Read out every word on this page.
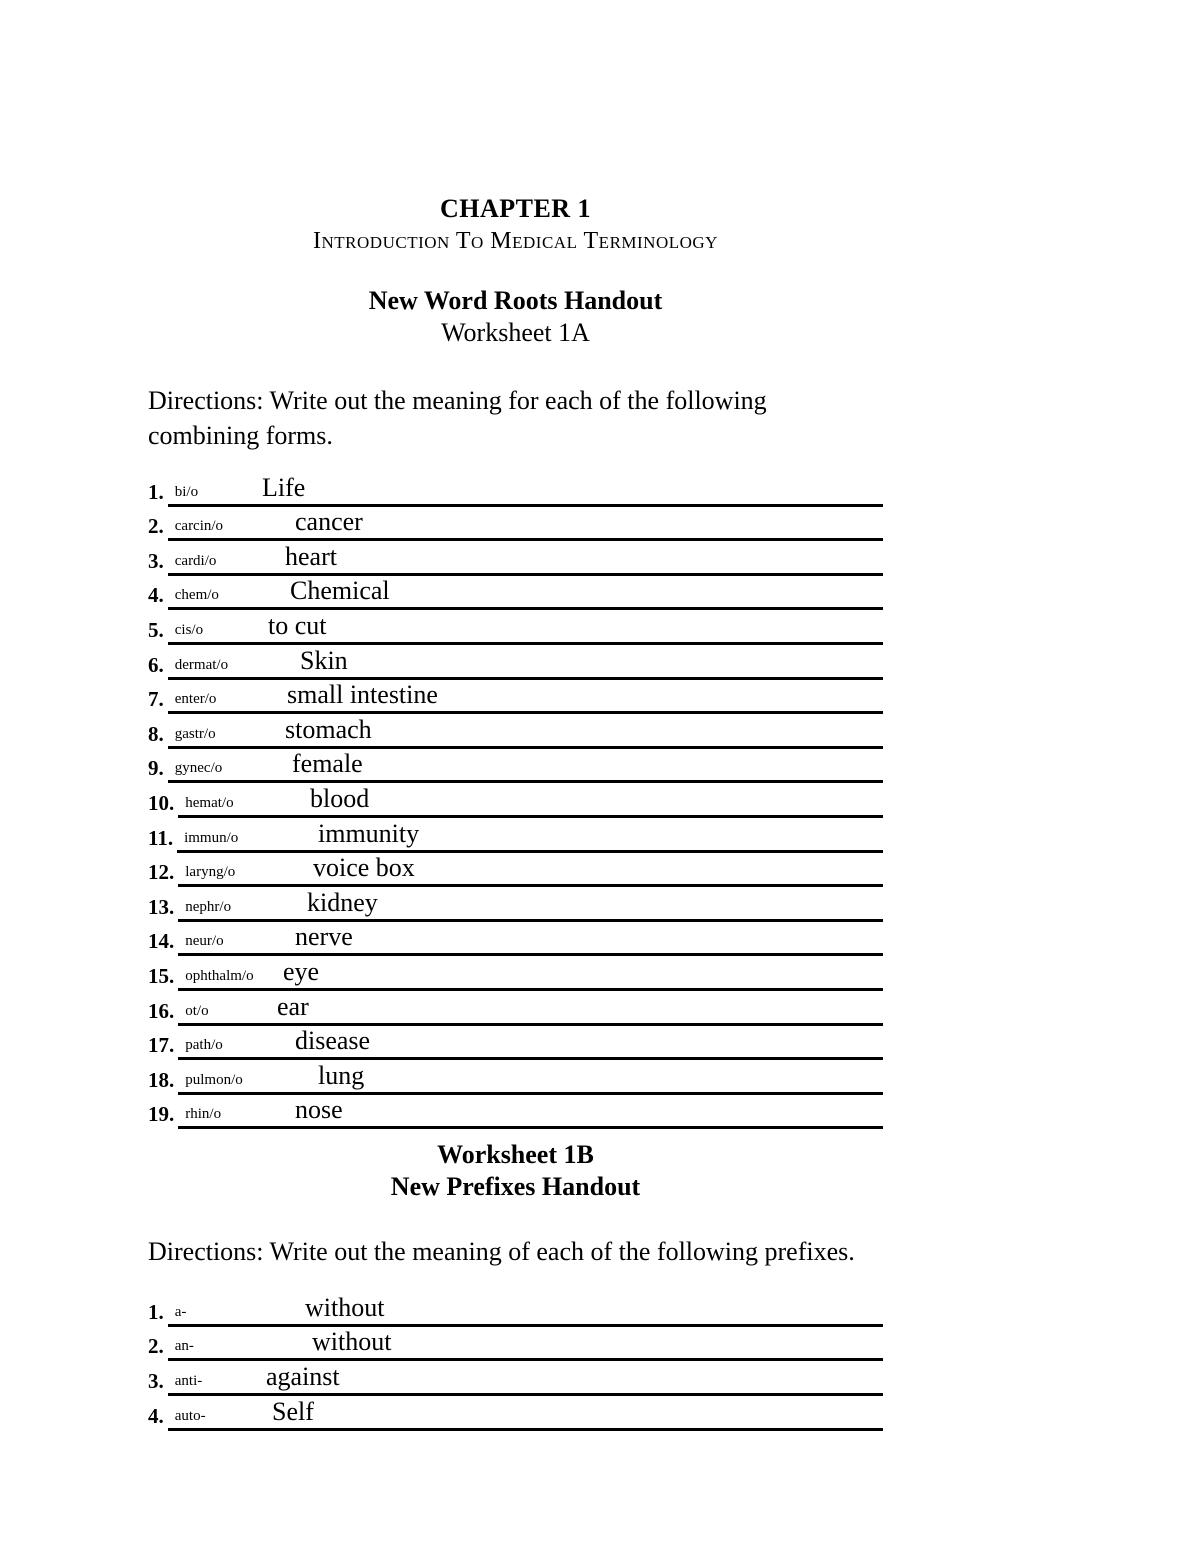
CHAPTER 1
Introduction To Medical Terminology
New Word Roots Handout
Worksheet 1A

Directions: Write out the meaning for each of the following combining forms.

1. bi/o Life
2. carcin/o	cancer
3. cardi/o	heart
4. chem/o	Chemical
5. cis/o to cut
6. dermat/o	Skin
7. enter/o	small intestine
8. gastr/o	stomach
9. gynec/o	female
10. hemat/o	blood
11. immun/o	immunity
12. laryng/o	voice box
13. nephr/o	kidney
14. neur/o	nerve
15. ophthalm/o eye
16. ot/o	ear
17. path/o	disease
18. pulmon/o	lung
19. rhin/o	nose
Worksheet 1B
New Prefixes Handout

Directions: Write out the meaning of each of the following prefixes.

1. a-	without
2. an-	without
3. anti- against
4. auto-	Self
